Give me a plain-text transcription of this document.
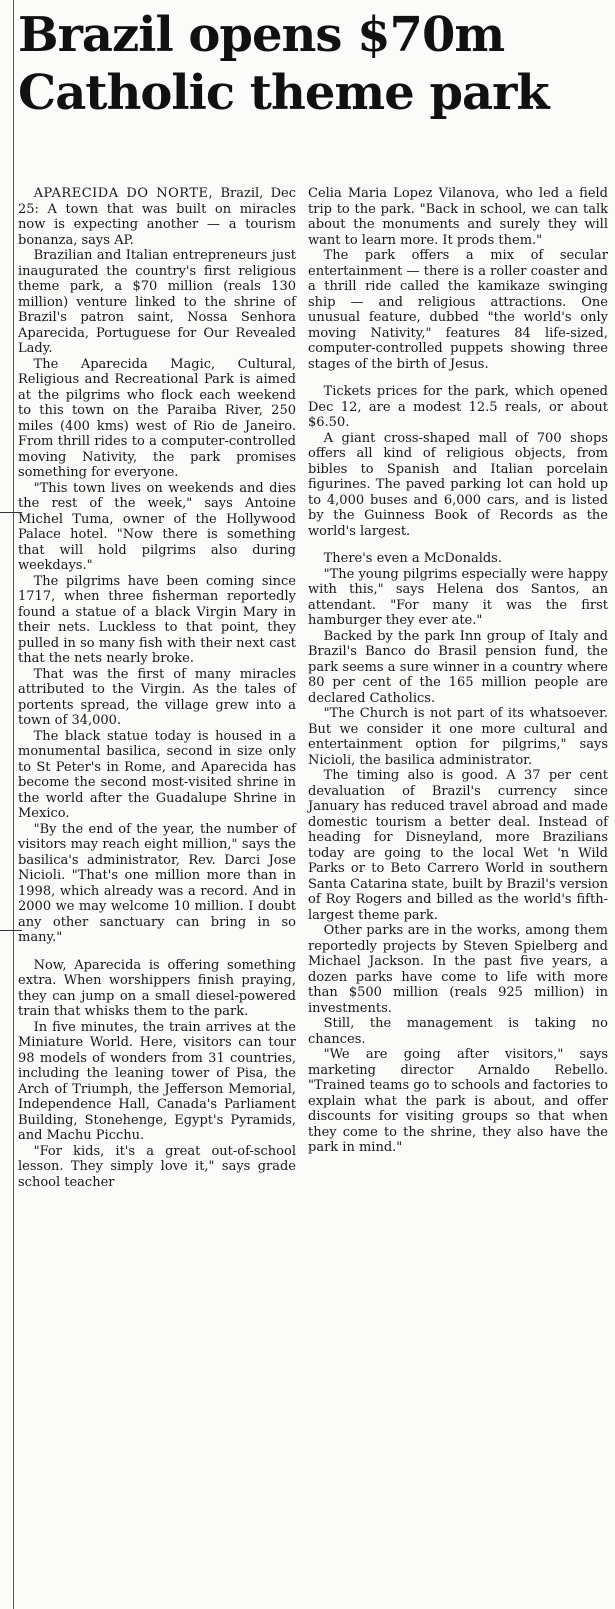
Brazil opens $70m
Catholic theme park

APARECIDA DO NORTE, Brazil, Dec 25: A town that was built on miracles now is expecting another — a tourism bonanza, says AP.

Brazilian and Italian entrepreneurs just inaugurated the country's first religious theme park, a $70 million (reals 130 million) venture linked to the shrine of Brazil's patron saint, Nossa Senhora Aparecida, Portuguese for Our Revealed Lady.

The Aparecida Magic, Cultural, Religious and Recreational Park is aimed at the pilgrims who flock each weekend to this town on the Paraiba River, 250 miles (400 kms) west of Rio de Janeiro. From thrill rides to a computer-controlled moving Nativity, the park promises something for everyone.

"This town lives on weekends and dies the rest of the week," says Antoine Michel Tuma, owner of the Hollywood Palace hotel. "Now there is something that will hold pilgrims also during weekdays."

The pilgrims have been coming since 1717, when three fisherman reportedly found a statue of a black Virgin Mary in their nets. Luckless to that point, they pulled in so many fish with their next cast that the nets nearly broke.

That was the first of many miracles attributed to the Virgin. As the tales of portents spread, the village grew into a town of 34,000.

The black statue today is housed in a monumental basilica, second in size only to St Peter's in Rome, and Aparecida has become the second most-visited shrine in the world after the Guadalupe Shrine in Mexico.

"By the end of the year, the number of visitors may reach eight million," says the basilica's administrator, Rev. Darci Jose Nicioli. "That's one million more than in 1998, which already was a record. And in 2000 we may welcome 10 million. I doubt any other sanctuary can bring in so many."

Now, Aparecida is offering something extra. When worshippers finish praying, they can jump on a small diesel-powered train that whisks them to the park.

In five minutes, the train arrives at the Miniature World. Here, visitors can tour 98 models of wonders from 31 countries, including the leaning tower of Pisa, the Arch of Triumph, the Jefferson Memorial, Independence Hall, Canada's Parliament Building, Stonehenge, Egypt's Pyramids, and Machu Picchu.

"For kids, it's a great out-of-school lesson. They simply love it," says grade school teacher

Celia Maria Lopez Vilanova, who led a field trip to the park. "Back in school, we can talk about the monuments and surely they will want to learn more. It prods them."

The park offers a mix of secular entertainment — there is a roller coaster and a thrill ride called the kamikaze swinging ship — and religious attractions. One unusual feature, dubbed "the world's only moving Nativity," features 84 life-sized, computer-controlled puppets showing three stages of the birth of Jesus.

Tickets prices for the park, which opened Dec 12, are a modest 12.5 reals, or about $6.50.

A giant cross-shaped mall of 700 shops offers all kind of religious objects, from bibles to Spanish and Italian porcelain figurines. The paved parking lot can hold up to 4,000 buses and 6,000 cars, and is listed by the Guinness Book of Records as the world's largest.

There's even a McDonalds.

"The young pilgrims especially were happy with this," says Helena dos Santos, an attendant. "For many it was the first hamburger they ever ate."

Backed by the park Inn group of Italy and Brazil's Banco do Brasil pension fund, the park seems a sure winner in a country where 80 per cent of the 165 million people are declared Catholics.

"The Church is not part of its whatsoever. But we consider it one more cultural and entertainment option for pilgrims," says Nicioli, the basilica administrator.

The timing also is good. A 37 per cent devaluation of Brazil's currency since January has reduced travel abroad and made domestic tourism a better deal. Instead of heading for Disneyland, more Brazilians today are going to the local Wet 'n Wild Parks or to Beto Carrero World in southern Santa Catarina state, built by Brazil's version of Roy Rogers and billed as the world's fifth-largest theme park.

Other parks are in the works, among them reportedly projects by Steven Spielberg and Michael Jackson. In the past five years, a dozen parks have come to life with more than $500 million (reals 925 million) in investments.

Still, the management is taking no chances.

"We are going after visitors," says marketing director Arnaldo Rebello. "Trained teams go to schools and factories to explain what the park is about, and offer discounts for visiting groups so that when they come to the shrine, they also have the park in mind."
